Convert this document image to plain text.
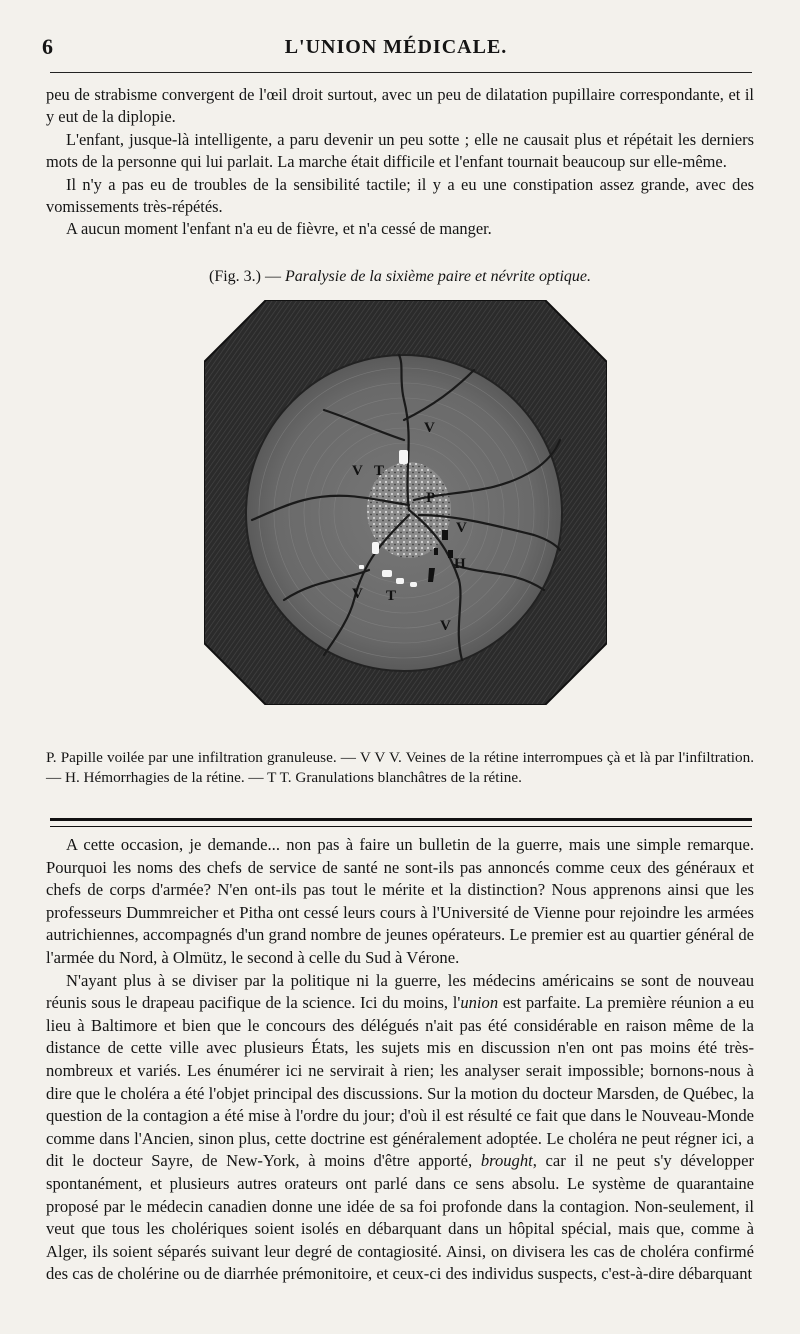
6	L'UNION MÉDICALE.

peu de strabisme convergent de l'œil droit surtout, avec un peu de dilatation pupillaire correspondante, et il y eut de la diplopie.

L'enfant, jusque-là intelligente, a paru devenir un peu sotte ; elle ne causait plus et répétait les derniers mots de la personne qui lui parlait. La marche était difficile et l'enfant tournait beaucoup sur elle-même.

Il n'y a pas eu de troubles de la sensibilité tactile; il y a eu une constipation assez grande, avec des vomissements très-répétés.

A aucun moment l'enfant n'a eu de fièvre, et n'a cessé de manger.

(Fig. 3.) — Paralysie de la sixième paire et névrite optique.
V
T
V
P
V
H
V T
V
P. Papille voilée par une infiltration granuleuse. — V V V. Veines de la rétine interrompues çà et là par l'infiltration. — H. Hémorrhagies de la rétine. — T T. Granulations blanchâtres de la rétine.

A cette occasion, je demande... non pas à faire un bulletin de la guerre, mais une simple remarque. Pourquoi les noms des chefs de service de santé ne sont-ils pas annoncés comme ceux des généraux et chefs de corps d'armée? N'en ont-ils pas tout le mérite et la distinction? Nous apprenons ainsi que les professeurs Dummreicher et Pitha ont cessé leurs cours à l'Université de Vienne pour rejoindre les armées autrichiennes, accompagnés d'un grand nombre de jeunes opérateurs. Le premier est au quartier général de l'armée du Nord, à Olmütz, le second à celle du Sud à Vérone.

N'ayant plus à se diviser par la politique ni la guerre, les médecins américains se sont de nouveau réunis sous le drapeau pacifique de la science. Ici du moins, l'union est parfaite. La première réunion a eu lieu à Baltimore et bien que le concours des délégués n'ait pas été considérable en raison même de la distance de cette ville avec plusieurs États, les sujets mis en discussion n'en ont pas moins été très-nombreux et variés. Les énumérer ici ne servirait à rien; les analyser serait impossible; bornons-nous à dire que le choléra a été l'objet principal des discussions. Sur la motion du docteur Marsden, de Québec, la question de la contagion a été mise à l'ordre du jour; d'où il est résulté ce fait que dans le Nouveau-Monde comme dans l'Ancien, sinon plus, cette doctrine est généralement adoptée. Le choléra ne peut régner ici, a dit le docteur Sayre, de New-York, à moins d'être apporté, brought, car il ne peut s'y développer spontanément, et plusieurs autres orateurs ont parlé dans ce sens absolu. Le système de quarantaine proposé par le médecin canadien donne une idée de sa foi profonde dans la contagion. Non-seulement, il veut que tous les cholériques soient isolés en débarquant dans un hôpital spécial, mais que, comme à Alger, ils soient séparés suivant leur degré de contagiosité. Ainsi, on divisera les cas de choléra confirmé des cas de cholérine ou de diarrhée prémonitoire, et ceux-ci des individus suspects, c'est-à-dire débarquant
